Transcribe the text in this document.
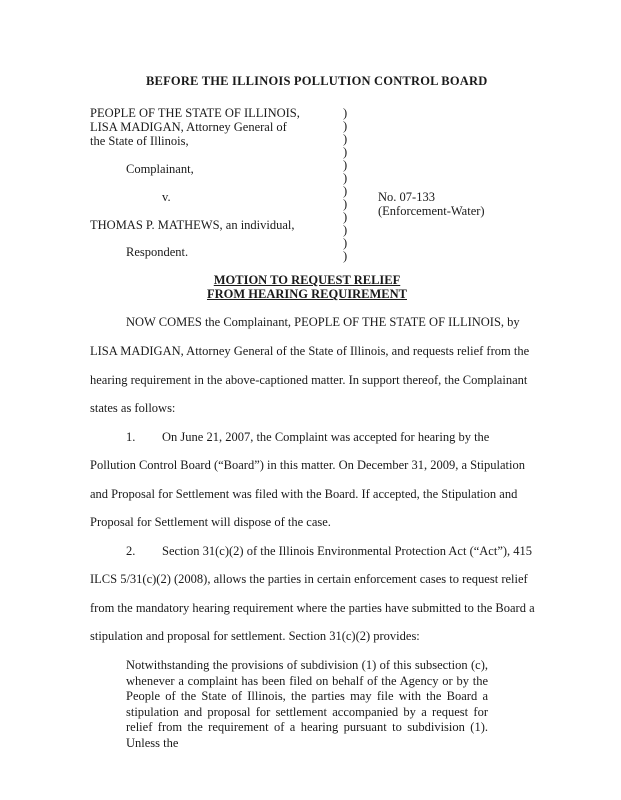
BEFORE THE ILLINOIS POLLUTION CONTROL BOARD
PEOPLE OF THE STATE OF ILLINOIS,
LISA MADIGAN, Attorney General of
the State of Illinois,
Complainant,
v.
THOMAS P. MATHEWS, an individual,
Respondent.
)
)
)
)
)
)
)
)
)
)
)
)
No. 07-133
(Enforcement-Water)
MOTION TO REQUEST RELIEF
FROM HEARING REQUIREMENT
NOW COMES the Complainant, PEOPLE OF THE STATE OF ILLINOIS, by
LISA MADIGAN, Attorney General of the State of Illinois, and requests relief from the
hearing requirement in the above-captioned matter. In support thereof, the Complainant
states as follows:
1. On June 21, 2007, the Complaint was accepted for hearing by the
Pollution Control Board (“Board”) in this matter. On December 31, 2009, a Stipulation
and Proposal for Settlement was filed with the Board. If accepted, the Stipulation and
Proposal for Settlement will dispose of the case.
2. Section 31(c)(2) of the Illinois Environmental Protection Act (“Act”), 415
ILCS 5/31(c)(2) (2008), allows the parties in certain enforcement cases to request relief
from the mandatory hearing requirement where the parties have submitted to the Board a
stipulation and proposal for settlement. Section 31(c)(2) provides:
Notwithstanding the provisions of subdivision (1) of this subsection (c), whenever a complaint has been filed on behalf of the Agency or by the People of the State of Illinois, the parties may file with the Board a stipulation and proposal for settlement accompanied by a request for relief from the requirement of a hearing pursuant to subdivision (1). Unless the
